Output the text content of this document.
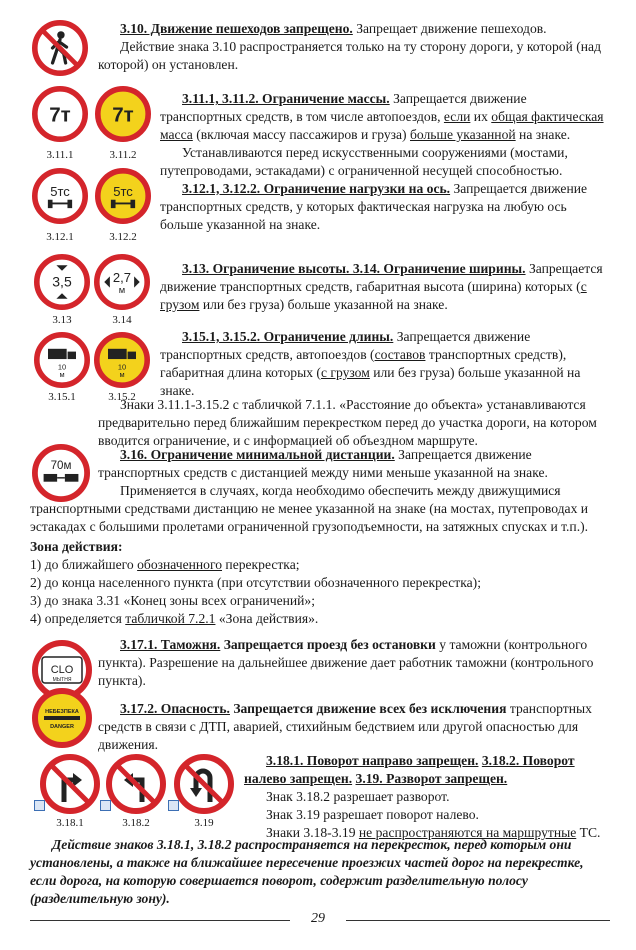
7т 7т
3.11.1	3.11.2
5тс	5тс
3.12.1	3.12.2
3,5	2,7
м
3.13	3.14
10
м
10
м
3.15.1	3.15.2
70м
CLO
МЫТНЯ
НЕБЕЗПЕКА
DANGER
3.18.1	3.18.2	3.19

3.10. Движение пешеходов запрещено. Запрещает движение пешеходов.

Действие знака 3.10 распространяется только на ту сторону дороги, у которой (над которой) он установлен.

3.11.1, 3.11.2. Ограничение массы. Запрещается движение транспортных средств, в том числе автопоездов, если их общая фактическая масса (включая массу пассажиров и груза) больше указанной на знаке.

Устанавливаются перед искусственными сооружениями (мостами, путепроводами, эстакадами) с ограниченной несущей способностью.

3.12.1, 3.12.2. Ограничение нагрузки на ось. Запрещается движение транспортных средств, у которых фактическая нагрузка на любую ось больше указанной на знаке.

3.13. Ограничение высоты. 3.14. Ограничение ширины. Запрещается движение транспортных средств, габаритная высота (ширина) которых (с грузом или без груза) больше указанной на знаке.

3.15.1, 3.15.2. Ограничение длины. Запрещается движение транспортных средств, автопоездов (составов транспортных средств), габаритная длина которых (с грузом или без груза) больше указанной на знаке.

Знаки 3.11.1-3.15.2 с табличкой 7.1.1. «Расстояние до объекта» устанавливаются предварительно перед ближайшим перекрестком перед до участка дороги, на котором вводится ограничение, и с информацией об объездном маршруте.

3.16. Ограничение минимальной дистанции. Запрещается движение транспортных средств с дистанцией между ними меньше указанной на знаке.

Применяется в случаях, когда необходимо обеспечить между движущимися транспортными средствами дистанцию не менее указанной на знаке (на мостах, путепроводах и эстакадах с большими пролетами ограниченной грузоподъемности, на затяжных спусках и т.п.).

Зона действия:
1) до ближайшего обозначенного перекрестка;
2) до конца населенного пункта (при отсутствии обозначенного перекрестка);
3) до знака 3.31 «Конец зоны всех ограничений»;
4) определяется табличкой 7.2.1 «Зона действия».

3.17.1. Таможня. Запрещается проезд без остановки у таможни (контрольного пункта). Разрешение на дальнейшее движение дает работник таможни (контрольного пункта).

3.17.2. Опасность. Запрещается движение всех без исключения транспортных средств в связи с ДТП, аварией, стихийным бедствием или другой опасностью для движения.

3.18.1. Поворот направо запрещен. 3.18.2. Поворот налево запрещен. 3.19. Разворот запрещен.

Знак 3.18.2 разрешает разворот.

Знак 3.19 разрешает поворот налево.

Знаки 3.18-3.19 не распространяются на маршрутные ТС.

Действие знаков 3.18.1, 3.18.2 распространяется на перекресток, перед которым они установлены, а также на ближайшее пересечение проезжих частей дорог на перекрестке, если дорога, на которую совершается поворот, содержит разделительную полосу (разделительную зону).

29
